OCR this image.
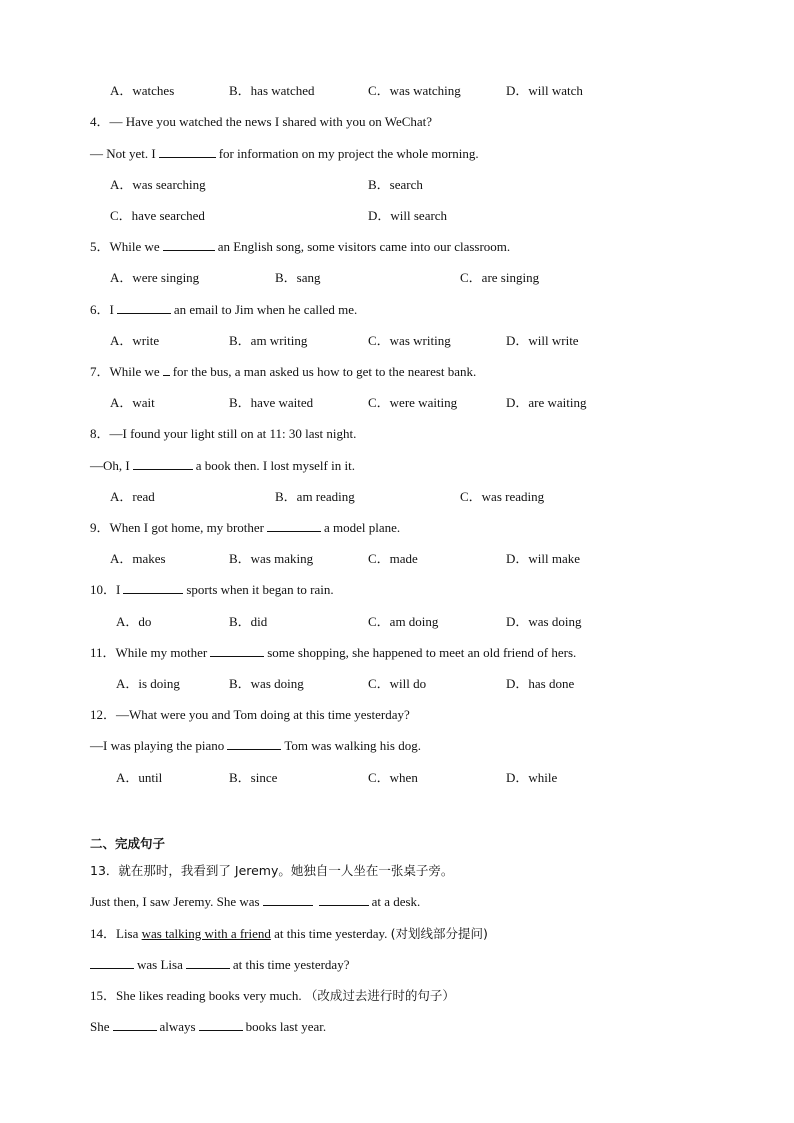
A．watches	B．has watched	C．was watching	D．will watch
4．— Have you watched the news I shared with you on WeChat?
— Not yet. I	for information on my project the whole morning.
A．was searching	B．search
C．have searched	D．will search
5．While we	an English song, some visitors came into our classroom.
A．were singing	B．sang	C．are singing
6．I	an email to Jim when he called me.
A．write	B．am writing	C．was writing	D．will write
7．While we for the bus, a man asked us how to get to the nearest bank.
A．wait	B．have waited	C．were waiting	D．are waiting
8．—I found your light still on at 11: 30 last night.
—Oh, I	a book then. I lost myself in it.
A．read	B．am reading	C．was reading
9．When I got home, my brother	a model plane.
A．makes	B．was making	C．made	D．will make
10．I	sports when it began to rain.
A．do	B．did	C．am doing	D．was doing
11．While my mother	some shopping, she happened to meet an old friend of hers.
A．is doing	B．was doing	C．will do	D．has done
12．—What were you and Tom doing at this time yesterday?
—I was playing the piano	Tom was walking his dog.
A．until	B．since	C．when	D．while
二、完成句子
13．就在那时，我看到了 Jeremy。她独自一人坐在一张桌子旁。
Just then, I saw Jeremy. She was	at a desk.
14．Lisa was talking with a friend at this time yesterday. (对划线部分提问)
was Lisa	at this time yesterday?
15．She likes reading books very much. （改成过去进行时的句子）
She	always	books last year.
